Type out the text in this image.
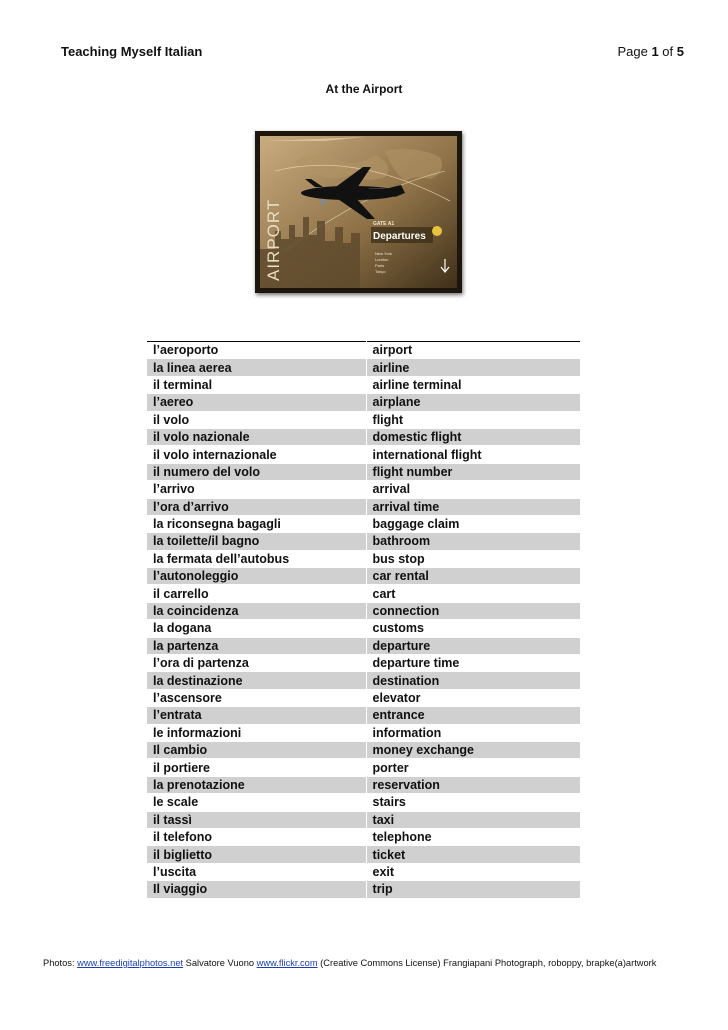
Teaching Myself Italian	Page 1 of 5
At the Airport
————
AIRPORT	GATE A1
Departures
New York
London
Paris
Tokyo
l’aeroporto	airport
la linea aerea	airline
il terminal	airline terminal
l’aereo	airplane
il volo	flight
il volo nazionale	domestic flight
il volo internazionale	international flight
il numero del volo	flight number
l’arrivo	arrival
l’ora d’arrivo	arrival time
la riconsegna bagagli	baggage claim
la toilette/il bagno	bathroom
la fermata dell’autobus	bus stop
l’autonoleggio	car rental
il carrello	cart
la coincidenza	connection
la dogana	customs
la partenza	departure
l’ora di partenza	departure time
la destinazione	destination
l’ascensore	elevator
l’entrata	entrance
le informazioni	information
Il cambio	money exchange
il portiere	porter
la prenotazione	reservation
le scale	stairs
il tassì	taxi
il telefono	telephone
il biglietto	ticket
l’uscita	exit
Il viaggio	trip
Photos: www.freedigitalphotos.net Salvatore Vuono www.flickr.com (Creative Commons License) Frangiapani Photograph, roboppy, brapke(a)artwork
